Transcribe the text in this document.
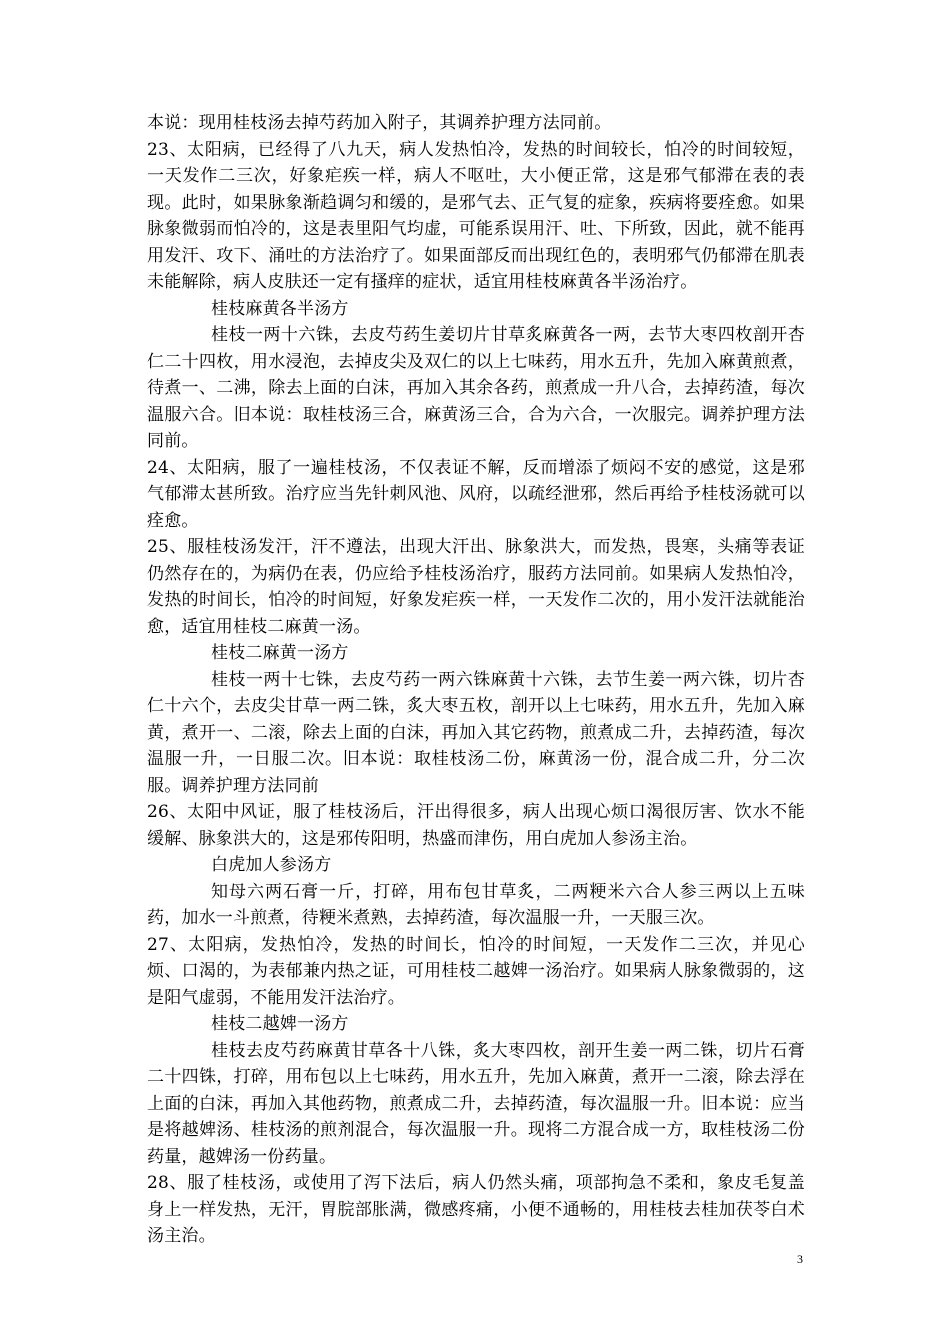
本说：现用桂枝汤去掉芍药加入附子，其调养护理方法同前。

23、太阳病，已经得了八九天，病人发热怕冷，发热的时间较长，怕冷的时间较短，一天发作二三次，好象疟疾一样，病人不呕吐，大小便正常，这是邪气郁滞在表的表现。此时，如果脉象渐趋调匀和缓的，是邪气去、正气复的症象，疾病将要痊愈。如果脉象微弱而怕冷的，这是表里阳气均虚，可能系误用汗、吐、下所致，因此，就不能再用发汗、攻下、涌吐的方法治疗了。如果面部反而出现红色的，表明邪气仍郁滞在肌表未能解除，病人皮肤还一定有搔痒的症状，适宜用桂枝麻黄各半汤治疗。

桂枝麻黄各半汤方

桂枝一两十六铢，去皮芍药生姜切片甘草炙麻黄各一两，去节大枣四枚剖开杏仁二十四枚，用水浸泡，去掉皮尖及双仁的以上七味药，用水五升，先加入麻黄煎煮，待煮一、二沸，除去上面的白沫，再加入其余各药，煎煮成一升八合，去掉药渣，每次温服六合。旧本说：取桂枝汤三合，麻黄汤三合，合为六合，一次服完。调养护理方法同前。

24、太阳病，服了一遍桂枝汤，不仅表证不解，反而增添了烦闷不安的感觉，这是邪气郁滞太甚所致。治疗应当先针刺风池、风府，以疏经泄邪，然后再给予桂枝汤就可以痊愈。

25、服桂枝汤发汗，汗不遵法，出现大汗出、脉象洪大，而发热，畏寒，头痛等表证仍然存在的，为病仍在表，仍应给予桂枝汤治疗，服药方法同前。如果病人发热怕冷，发热的时间长，怕冷的时间短，好象发疟疾一样，一天发作二次的，用小发汗法就能治愈，适宜用桂枝二麻黄一汤。

桂枝二麻黄一汤方

桂枝一两十七铢，去皮芍药一两六铢麻黄十六铢，去节生姜一两六铢，切片杏仁十六个，去皮尖甘草一两二铢，炙大枣五枚，剖开以上七味药，用水五升，先加入麻黄，煮开一、二滚，除去上面的白沫，再加入其它药物，煎煮成二升，去掉药渣，每次温服一升，一日服二次。旧本说：取桂枝汤二份，麻黄汤一份，混合成二升，分二次服。调养护理方法同前

26、太阳中风证，服了桂枝汤后，汗出得很多，病人出现心烦口渴很厉害、饮水不能缓解、脉象洪大的，这是邪传阳明，热盛而津伤，用白虎加人参汤主治。

白虎加人参汤方

知母六两石膏一斤，打碎，用布包甘草炙，二两粳米六合人参三两以上五味药，加水一斗煎煮，待粳米煮熟，去掉药渣，每次温服一升，一天服三次。

27、太阳病，发热怕冷，发热的时间长，怕冷的时间短，一天发作二三次，并见心烦、口渴的，为表郁兼内热之证，可用桂枝二越婢一汤治疗。如果病人脉象微弱的，这是阳气虚弱，不能用发汗法治疗。

桂枝二越婢一汤方

桂枝去皮芍药麻黄甘草各十八铢，炙大枣四枚，剖开生姜一两二铢，切片石膏二十四铢，打碎，用布包以上七味药，用水五升，先加入麻黄，煮开一二滚，除去浮在上面的白沫，再加入其他药物，煎煮成二升，去掉药渣，每次温服一升。旧本说：应当是将越婢汤、桂枝汤的煎剂混合，每次温服一升。现将二方混合成一方，取桂枝汤二份药量，越婢汤一份药量。

28、服了桂枝汤，或使用了泻下法后，病人仍然头痛，项部拘急不柔和，象皮毛复盖身上一样发热，无汗，胃脘部胀满，微感疼痛，小便不通畅的，用桂枝去桂加茯苓白术汤主治。

3
